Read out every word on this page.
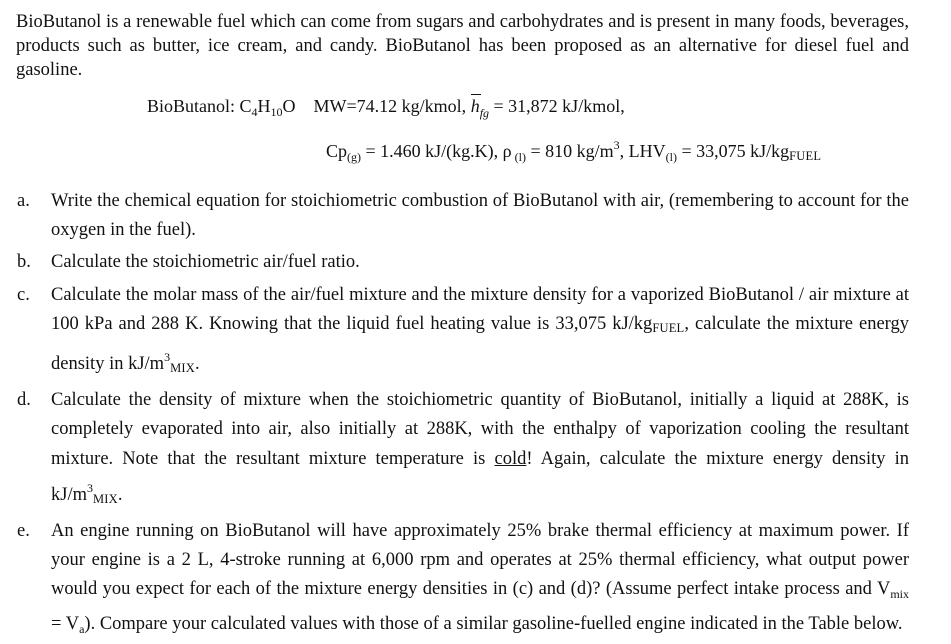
BioButanol is a renewable fuel which can come from sugars and carbohydrates and is present in many foods, beverages, products such as butter, ice cream, and candy. BioButanol has been proposed as an alternative for diesel fuel and gasoline.

BioButanol: $C_4H_{10}O$ MW=74.12 kg/kmol,
$h_{fg} = 31,872$ kJ/kmol,
$Cp_{(g)} = 1.460$ kJ/(kg.K), ρ $_{(l)}$ = 810 $kg/m^3$, $LHV_{(l)} = 33,075$ kJ/kgFUEL
a.	Write the chemical equation for stoichiometric combustion of BioButanol with air, (remembering to account for the oxygen in the fuel).
b.	Calculate the stoichiometric air/fuel ratio.
c.	Calculate the molar mass of the air/fuel mixture and the mixture density for a vaporized BioButanol / air mixture at 100 kPa and 288 K. Knowing that the liquid fuel heating value is 33,075 kJ/kgFUEL, calculate the mixture energy density in $kJ/m^3MIX$.
d.	Calculate the density of mixture when the stoichiometric quantity of BioButanol, initially a liquid at 288K, is completely evaporated into air, also initially at 288K, with the enthalpy of vaporization cooling the resultant mixture. Note that the resultant mixture temperature is cold! Again, calculate the mixture energy density in $kJ/m^3MIX$.
e.	An engine running on BioButanol will have approximately 25% brake thermal efficiency at maximum power. If your engine is a 2 L, 4-stroke running at 6,000 rpm and operates at 25% thermal efficiency, what output power would you expect for each of the mixture energy densities in (c) and (d)? (Assume perfect intake process and $V_{mix} = V_a$). Compare your calculated values with those of a similar gasoline-fuelled engine indicated in the Table below.
